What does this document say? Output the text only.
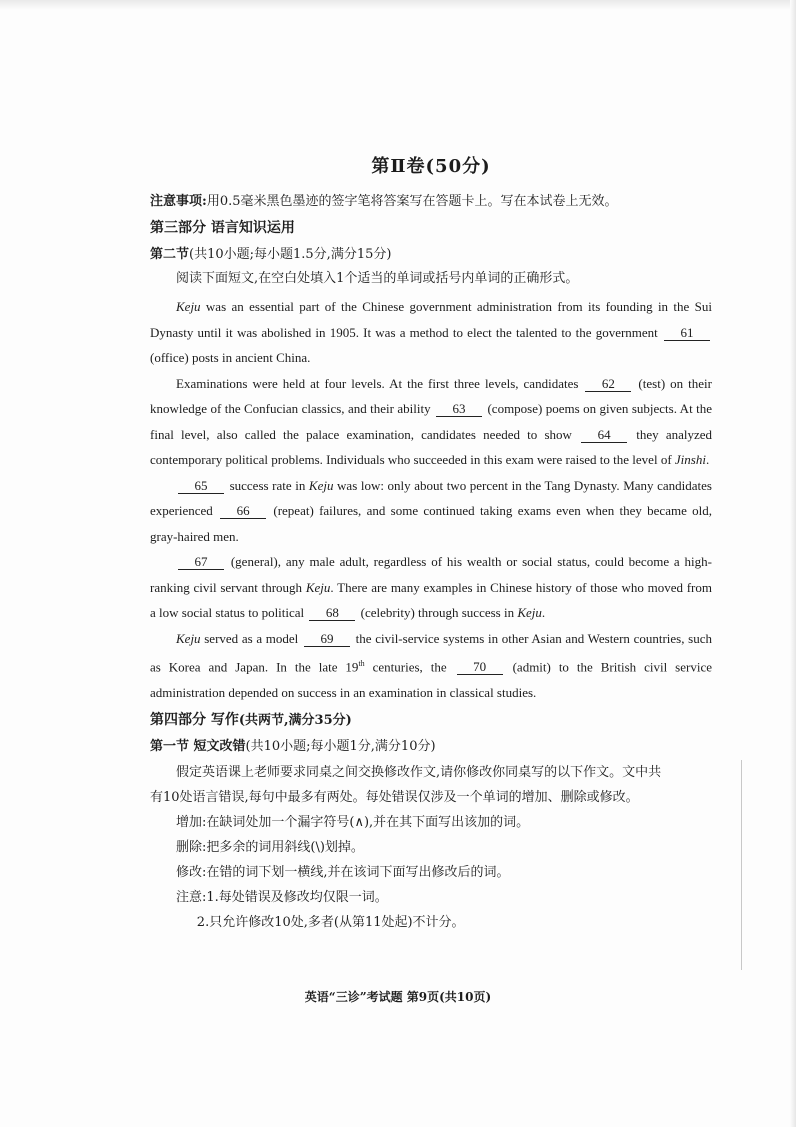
第Ⅱ卷(50分)

注意事项:用0.5毫米黑色墨迹的签字笔将答案写在答题卡上。写在本试卷上无效。

第三部分 语言知识运用

第二节(共10小题;每小题1.5分,满分15分)

阅读下面短文,在空白处填入1个适当的单词或括号内单词的正确形式。

Keju was an essential part of the Chinese government administration from its founding in the Sui Dynasty until it was abolished in 1905. It was a method to elect the talented to the government 61 (office) posts in ancient China.

Examinations were held at four levels. At the first three levels, candidates 62 (test) on their knowledge of the Confucian classics, and their ability 63 (compose) poems on given subjects. At the final level, also called the palace examination, candidates needed to show 64 they analyzed contemporary political problems. Individuals who succeeded in this exam were raised to the level of Jinshi.

65 success rate in Keju was low: only about two percent in the Tang Dynasty. Many candidates experienced 66 (repeat) failures, and some continued taking exams even when they became old, gray-haired men.

67 (general), any male adult, regardless of his wealth or social status, could become a high-ranking civil servant through Keju. There are many examples in Chinese history of those who moved from a low social status to political 68 (celebrity) through success in Keju.

Keju served as a model 69 the civil-service systems in other Asian and Western countries, such as Korea and Japan. In the late 19th centuries, the 70 (admit) to the British civil service administration depended on success in an examination in classical studies.

第四部分 写作(共两节,满分35分)

第一节 短文改错(共10小题;每小题1分,满分10分)

假定英语课上老师要求同桌之间交换修改作文,请你修改你同桌写的以下作文。文中共

有10处语言错误,每句中最多有两处。每处错误仅涉及一个单词的增加、删除或修改。

增加:在缺词处加一个漏字符号(∧),并在其下面写出该加的词。

删除:把多余的词用斜线(\)划掉。

修改:在错的词下划一横线,并在该词下面写出修改后的词。

注意:1.每处错误及修改均仅限一词。

2.只允许修改10处,多者(从第11处起)不计分。

英语“三诊”考试题 第9页(共10页)
